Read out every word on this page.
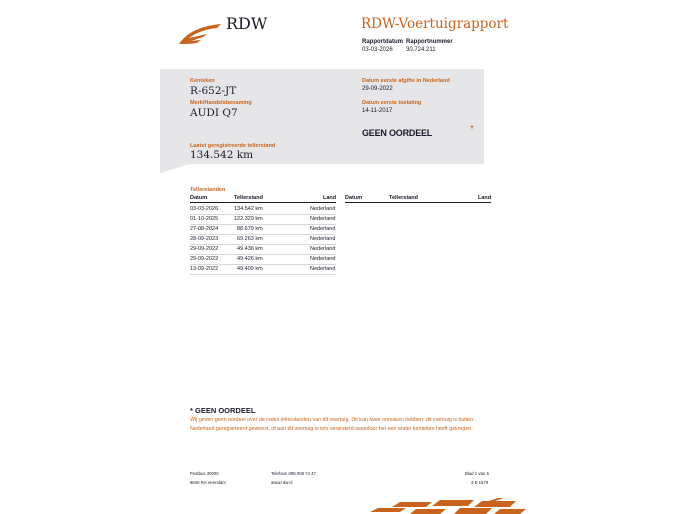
RDW	RDW-Voertuigrapport
Rapportdatum
03-03-2026
Rapportnummer
30.724.211
Kenteken
R-652-JT
Merk/Handelsbenaming
AUDI Q7
Laatst geregistreerde tellerstand
134.542 km
Datum eerste afgifte in Nederland
29-09-2022
Datum eerste toelating
14-11-2017
GEEN OORDEEL	*
Tellerstanden
Datum	Tellerstand	Land Datum	Tellerstand	Land
03-03-2026	134.542 km	Nederland
01-10-2025	122.329 km	Nederland
27-08-2024	88.679 km	Nederland
28-09-2023	69.263 km	Nederland
29-09-2022	49.436 km	Nederland
29-09-2022	49.426 km	Nederland
13-09-2022	49.409 km	Nederland
* GEEN OORDEEL
Wij geven geen oordeel over de reeks tellerstanden van dit voertuig. Dit kan twee oorzaken hebben: dit voertuig is buiten Nederland geregistreerd geweest, of aan dit voertuig is iets veranderd waardoor het een ander kenteken heeft gekregen.
Postbus 30000
9640 RA Veendam
Telefoon 088 008 74 47
www.rdw.nl
Blad 1 van 5
3 E 1679
